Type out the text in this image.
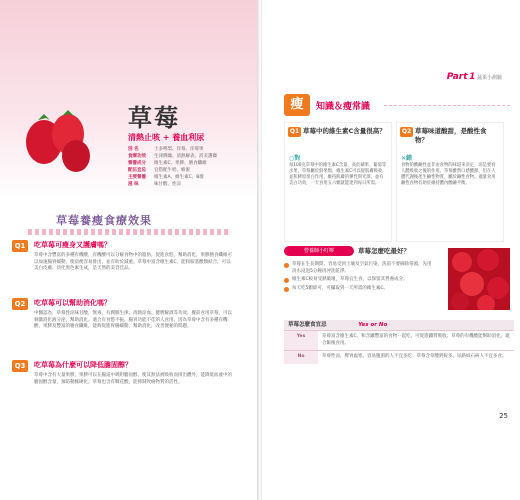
草莓
清熱止咳 + 養血利尿
別 名	士多啤梨、洋莓、洋莓果
食療功效	生津潤燥、清熱解表、消炎護膚
營養成分	維生素C、果膠、膳食纖維
配伍宜忌	宜搭配牛奶、蜂蜜
主要營養	維生素A、維生素C、B群
滋 味	味甘酸、性涼
草莓養瘦食療效果
Q1	吃草莓可瘦身又護膚嗎？
草莓中含豐富的多種有機酸，有機酸可以分解食物中的脂肪，促進食慾，幫助消化，果膠膳食纖維可以加速腸胃蠕動，使宿便容易排出，並有助於減重。草莓中富含維生素C，能和胺基酸類結合，可以美白皮膚、淡化黑色素生成，是天然的美容佳品。
Q2	吃草莓可以幫助消化嗎？
中醫認為，草莓性涼味甘酸，無毒。有潤肺生津、清熱涼血、健脾解酒等功效，餐前食用草莓，可以刺激消化液分泌，幫助消化。適合有食慾不振、腸胃功能不佳的人食用。因為草莓中含有多種有機酸、果膠及豐富的膳食纖維，能夠促進胃腸蠕動，幫助消化，改善便秘的問題。
Q3	吃草莓為什麼可以降低膽固醇？
草莓中含有大量果膠，果膠可以在腸道中吸附膽固醇，使其無法被吸收而排出體外，能降低血液中的膽固醇含量，預防動脈硬化。草莓也含有鞣花酸，能抑制致癌物質的活性。
Part 1 蔬果小測驗
瘦	知識＆瘦常識
Q1 草莓中的維生素C含量很高？
○對
每100克草莓中的維生素C含量，高於蘋果、葡萄等水果，草莓屬於鮮果類，維生素C可以從肌膚吸收，並和膠原蛋白作用，維持肌膚的彈性與光澤，並有美白功效，一天食用五六顆就能達到每日所需。
Q2 草莓味道酸甜，是酸性食物？
✕錯
食物的酸鹼性並非由食物的味道來決定，而是要看人體吸收之後的作用。草莓雖然口感酸甜，但在人體代謝後產生鹼性物質，屬於鹼性食物。適量食用鹼性食物有助於維持體內酸鹼平衡。
營養師小叮嚀	草莓怎麼吃最好？
草莓在生長期間，容易受到土壤及空氣污染，洗前不要摘除蒂頭，先用清水浸泡5分鐘再沖洗乾淨。
維生素C較易受熱破壞，草莓宜生食，以保留其營養成分。
每天吃5顆即可，可攝取到一天所需的維生素C。
草莓怎麼食宜忌	Yes or No
Yes	草莓富含維生素C，和含鐵豐富的食物一起吃，可促進鐵質吸收；草莓的有機酸能幫助消化，適合飯後食用。
No	草莓性涼，脾胃虛寒、容易腹瀉的人不宜多吃；草莓含草酸鈣較多，尿路結石病人不宜多食。
25
